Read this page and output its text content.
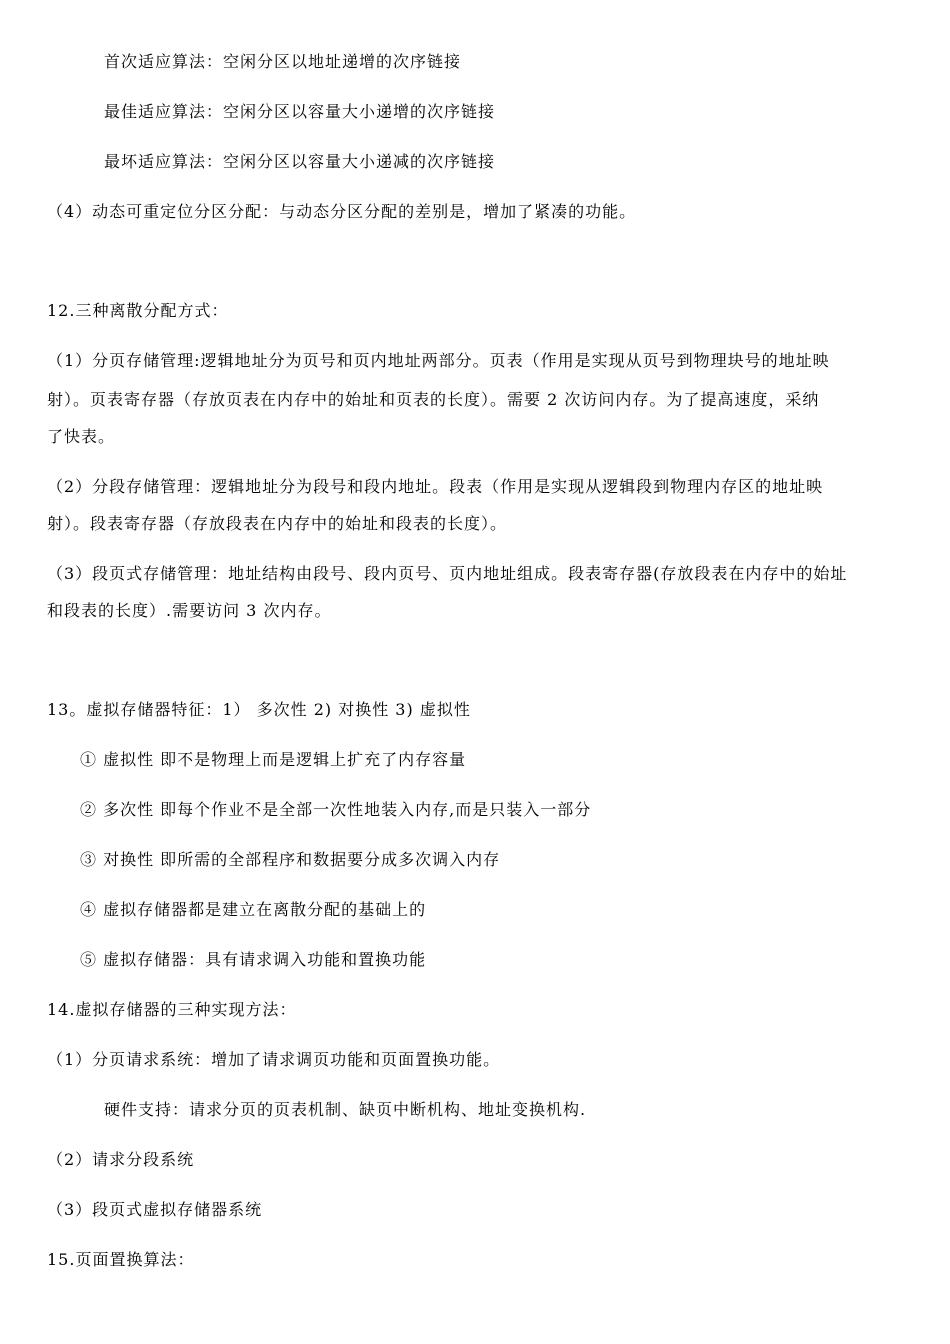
首次适应算法：空闲分区以地址递增的次序链接
最佳适应算法：空闲分区以容量大小递增的次序链接
最坏适应算法：空闲分区以容量大小递减的次序链接
（4）动态可重定位分区分配：与动态分区分配的差别是，增加了紧凑的功能。
12.三种离散分配方式：
（1）分页存储管理:逻辑地址分为页号和页内地址两部分。页表（作用是实现从页号到物理块号的地址映
射）。页表寄存器（存放页表在内存中的始址和页表的长度）。需要 2 次访问内存。为了提高速度，采纳
了快表。
（2）分段存储管理：逻辑地址分为段号和段内地址。段表（作用是实现从逻辑段到物理内存区的地址映
射）。段表寄存器（存放段表在内存中的始址和段表的长度）。
（3）段页式存储管理：地址结构由段号、段内页号、页内地址组成。段表寄存器(存放段表在内存中的始址
和段表的长度）.需要访问 3 次内存。
13。虚拟存储器特征：1） 多次性 2) 对换性 3) 虚拟性
① 虚拟性 即不是物理上而是逻辑上扩充了内存容量
② 多次性 即每个作业不是全部一次性地装入内存,而是只装入一部分
③ 对换性 即所需的全部程序和数据要分成多次调入内存
④ 虚拟存储器都是建立在离散分配的基础上的
⑤ 虚拟存储器：具有请求调入功能和置换功能
14.虚拟存储器的三种实现方法：
（1）分页请求系统：增加了请求调页功能和页面置换功能。
硬件支持：请求分页的页表机制、缺页中断机构、地址变换机构.
（2）请求分段系统
（3）段页式虚拟存储器系统
15.页面置换算法：
